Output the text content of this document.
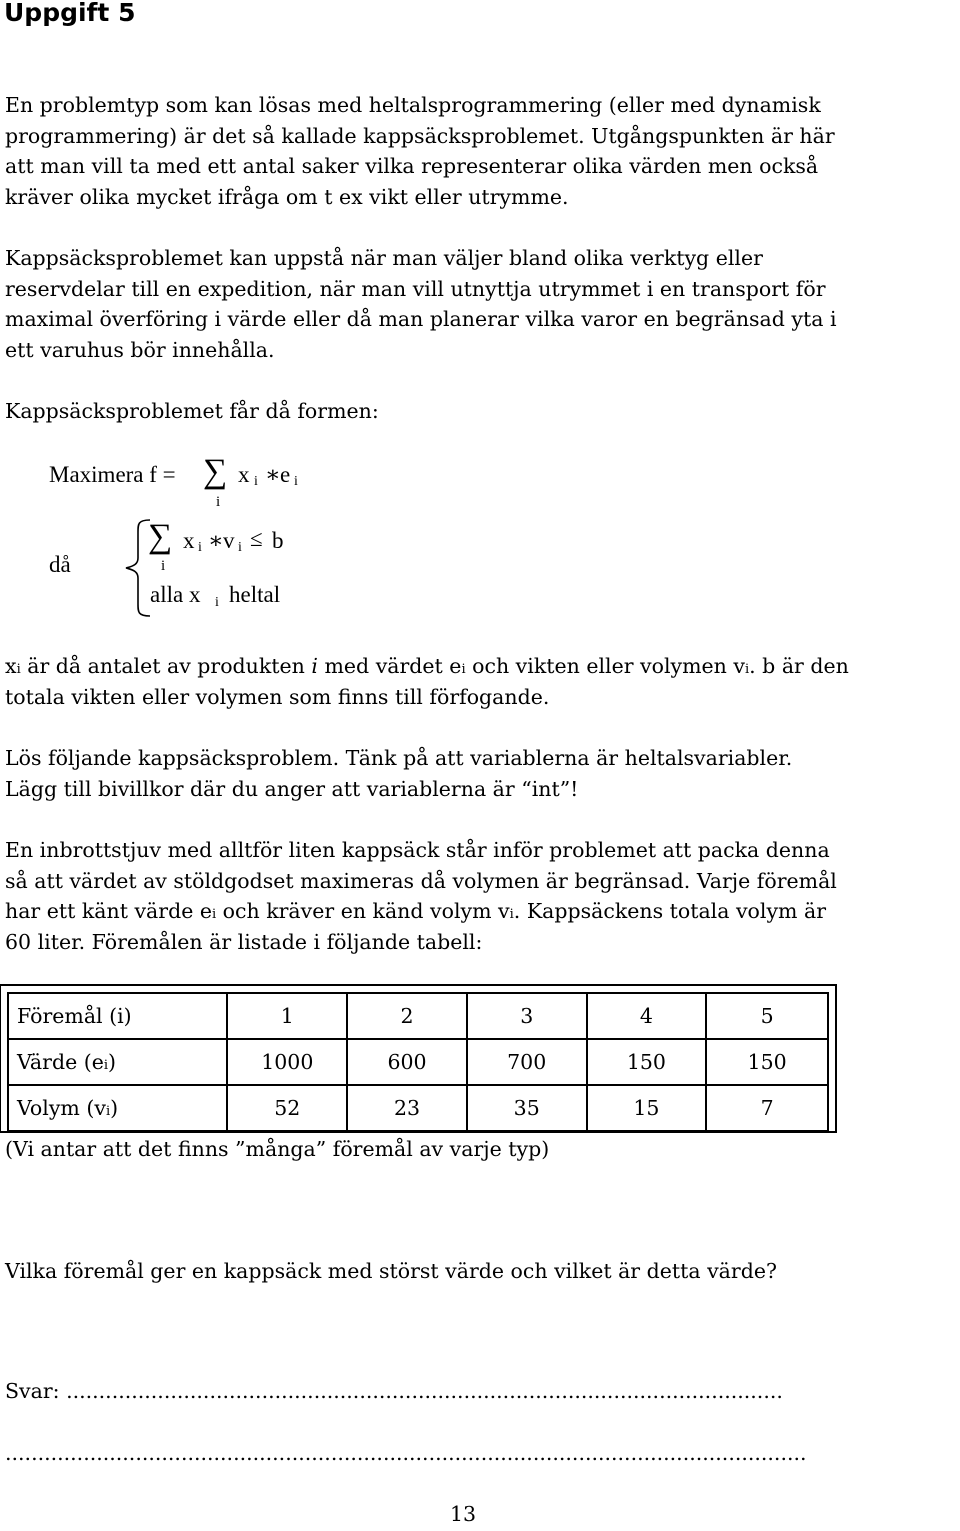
Uppgift 5
En problemtyp som kan lösas med heltalsprogrammering (eller med dynamisk
programmering) är det så kallade kappsäcksproblemet. Utgångspunkten är här
att man vill ta med ett antal saker vilka representerar olika värden men också
kräver olika mycket ifråga om t ex vikt eller utrymme.
Kappsäcksproblemet kan uppstå när man väljer bland olika verktyg eller
reservdelar till en expedition, när man vill utnyttja utrymmet i en transport för
maximal överföring i värde eller då man planerar vilka varor en begränsad yta i
ett varuhus bör innehålla.
Kappsäcksproblemet får då formen:
Maximera f = ∑
i
x i ∗ e i
då
∑
i
x i ∗ v i ≤ b
alla x i heltal
xi är då antalet av produkten i med värdet ei och vikten eller volymen vi. b är den
totala vikten eller volymen som finns till förfogande.
Lös följande kappsäcksproblem. Tänk på att variablerna är heltalsvariabler.
Lägg till bivillkor där du anger att variablerna är “int”!
En inbrottstjuv med alltför liten kappsäck står inför problemet att packa denna
så att värdet av stöldgodset maximeras då volymen är begränsad. Varje föremål
har ett känt värde ei och kräver en känd volym vi. Kappsäckens totala volym är
60 liter. Föremålen är listade i följande tabell:
Föremål (i)	1	2	3	4	5
Värde (ei)	1000	600	700	150	150
Volym (vi)	52	23	35	15	7
(Vi antar att det finns ”många” föremål av varje typ)
Vilka föremål ger en kappsäck med störst värde och vilket är detta värde?
Svar: ..............................................................................................................
...........................................................................................................................
13
